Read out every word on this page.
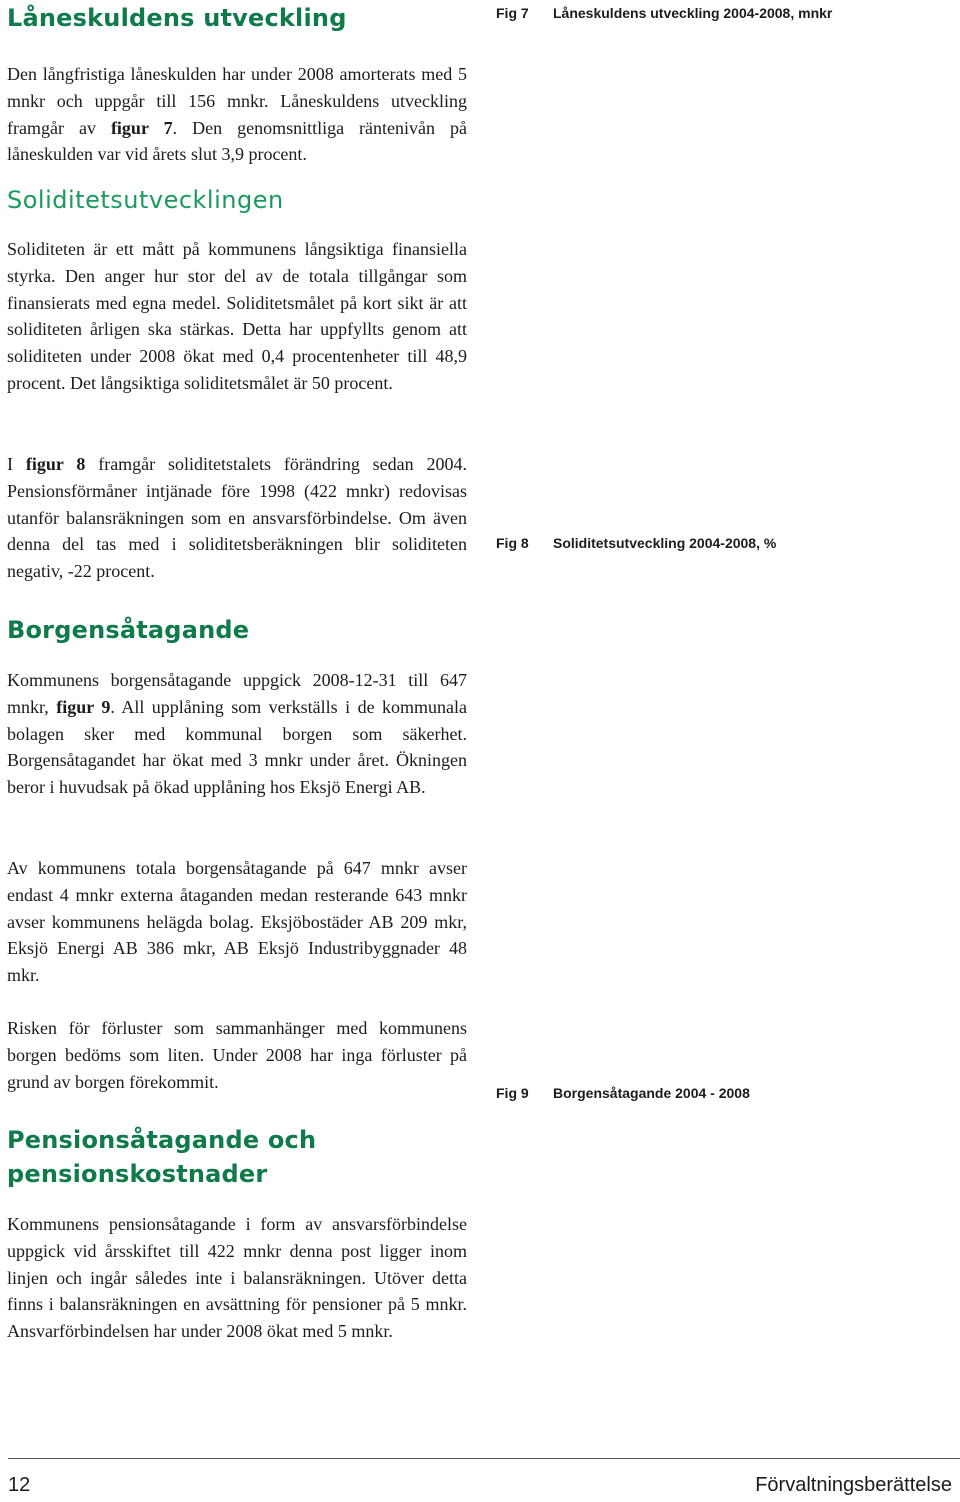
Låneskuldens utveckling

Den långfristiga låneskulden har under 2008 amorterats med 5 mnkr och uppgår till 156 mnkr. Låneskuldens utveckling framgår av figur 7. Den genomsnittliga räntenivån på låneskulden var vid årets slut 3,9 procent.

Soliditetsutvecklingen

Soliditeten är ett mått på kommunens långsiktiga finansiella styrka. Den anger hur stor del av de totala tillgångar som finansierats med egna medel. Soliditetsmålet på kort sikt är att soliditeten årligen ska stärkas. Detta har uppfyllts genom att soliditeten under 2008 ökat med 0,4 procentenheter till 48,9 procent. Det långsiktiga soliditetsmålet är 50 procent.

I figur 8 framgår soliditetstalets förändring sedan 2004. Pensionsförmåner intjänade före 1998 (422 mnkr) redovisas utanför balansräkningen som en ansvarsförbindelse. Om även denna del tas med i soliditetsberäkningen blir soliditeten negativ, -22 procent.

Borgensåtagande

Kommunens borgensåtagande uppgick 2008-12-31 till 647 mnkr, figur 9. All upplåning som verkställs i de kommunala bolagen sker med kommunal borgen som säkerhet. Borgensåtagandet har ökat med 3 mnkr under året. Ökningen beror i huvudsak på ökad upplåning hos Eksjö Energi AB.

Av kommunens totala borgensåtagande på 647 mnkr avser endast 4 mnkr externa åtaganden medan resterande 643 mnkr avser kommunens helägda bolag. Eksjöbostäder AB 209 mkr, Eksjö Energi AB 386 mkr, AB Eksjö Industribyggnader 48 mkr.

Risken för förluster som sammanhänger med kommunens borgen bedöms som liten. Under 2008 har inga förluster på grund av borgen förekommit.

Pensionsåtagande och
pensionskostnader

Kommunens pensionsåtagande i form av ansvarsförbindelse uppgick vid årsskiftet till 422 mnkr denna post ligger inom linjen och ingår således inte i balansräkningen. Utöver detta finns i balansräkningen en avsättning för pensioner på 5 mnkr. Ansvarförbindelsen har under 2008 ökat med 5 mnkr.

Fig 7 Låneskuldens utveckling 2004-2008, mnkr
Fig 8 Soliditetsutveckling 2004-2008, %
Fig 9 Borgensåtagande 2004 - 2008
12	Förvaltningsberättelse
